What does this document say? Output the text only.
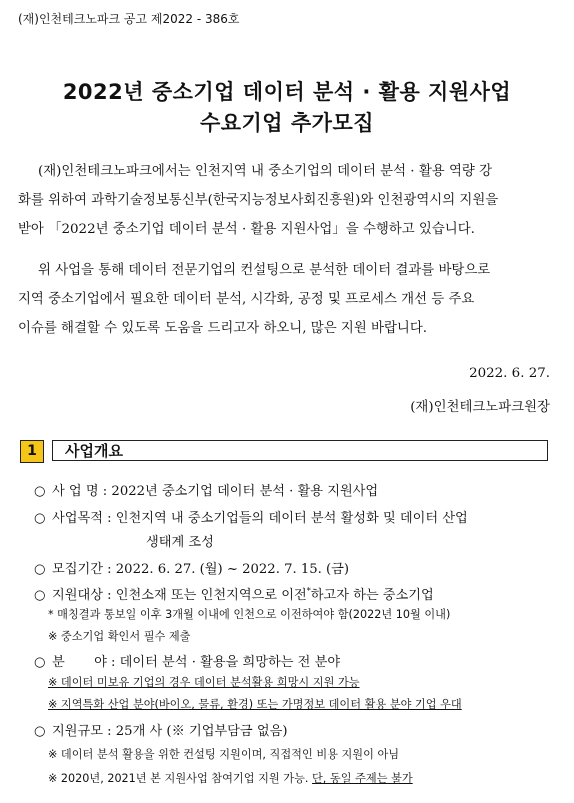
(재)인천테크노파크 공고 제2022 - 386호
2022년 중소기업 데이터 분석 · 활용 지원사업
수요기업 추가모집
(재)인천테크노파크에서는 인천지역 내 중소기업의 데이터 분석 · 활용 역량 강
화를 위하여 과학기술정보통신부(한국지능정보사회진흥원)와 인천광역시의 지원을
받아 「2022년 중소기업 데이터 분석 · 활용 지원사업」을 수행하고 있습니다.
위 사업을 통해 데이터 전문기업의 컨설팅으로 분석한 데이터 결과를 바탕으로
지역 중소기업에서 필요한 데이터 분석, 시각화, 공정 및 프로세스 개선 등 주요
이슈를 해결할 수 있도록 도움을 드리고자 하오니, 많은 지원 바랍니다.
2022. 6. 27.
(재)인천테크노파크원장
1	사업개요
○ 사 업 명 : 2022년 중소기업 데이터 분석 · 활용 지원사업
○ 사업목적 : 인천지역 내 중소기업들의 데이터 분석 활성화 및 데이터 산업
생태계 조성
○ 모집기간 : 2022. 6. 27. (월) ~ 2022. 7. 15. (금)
○ 지원대상 : 인천소재 또는 인천지역으로 이전*하고자 하는 중소기업
* 매칭결과 통보일 이후 3개월 이내에 인천으로 이전하여야 함(2022년 10월 이내)
※ 중소기업 확인서 필수 제출
○ 분       야 : 데이터 분석 · 활용을 희망하는 전 분야
※ 데이터 미보유 기업의 경우 데이터 분석활용 희망시 지원 가능
※ 지역특화 산업 분야(바이오, 물류, 환경) 또는 가명정보 데이터 활용 분야 기업 우대
○ 지원규모 : 25개 사 (※ 기업부담금 없음)
※ 데이터 분석 활용을 위한 컨설팅 지원이며, 직접적인 비용 지원이 아님
※ 2020년, 2021년 본 지원사업 참여기업 지원 가능. 단, 동일 주제는 불가
